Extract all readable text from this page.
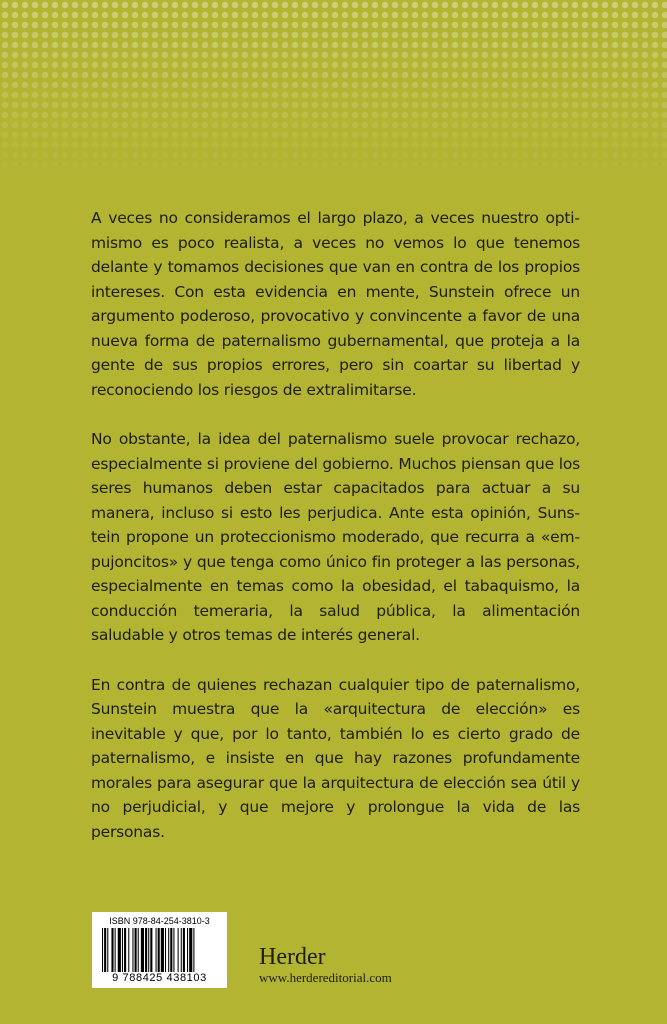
A veces no consideramos el largo plazo, a veces nuestro optimismo es poco realista, a veces no vemos lo que tenemos delante y tomamos decisiones que van en contra de los propios intereses. Con esta evidencia en mente, Sunstein ofrece un argumento poderoso, provocativo y convincente a favor de una nueva forma de paternalismo gubernamental, que proteja a la gente de sus propios errores, pero sin coartar su libertad y reconociendo los riesgos de extralimitarse.

No obstante, la idea del paternalismo suele provocar rechazo, especialmente si proviene del gobierno. Muchos piensan que los seres humanos deben estar capacitados para actuar a su manera, incluso si esto les perjudica. Ante esta opinión, Sunstein propone un proteccionismo moderado, que recurra a «empujoncitos» y que tenga como único fin proteger a las personas, especialmente en temas como la obesidad, el tabaquismo, la conducción temeraria, la salud pública, la alimentación saludable y otros temas de interés general.

En contra de quienes rechazan cualquier tipo de paternalismo, Sunstein muestra que la «arquitectura de elección» es inevitable y que, por lo tanto, también lo es cierto grado de paternalismo, e insiste en que hay razones profundamente morales para asegurar que la arquitectura de elección sea útil y no perjudicial, y que mejore y prolongue la vida de las personas.

ISBN 978-84-254-3810-3
9 788425 438103
Herder
www.herdereditorial.com
